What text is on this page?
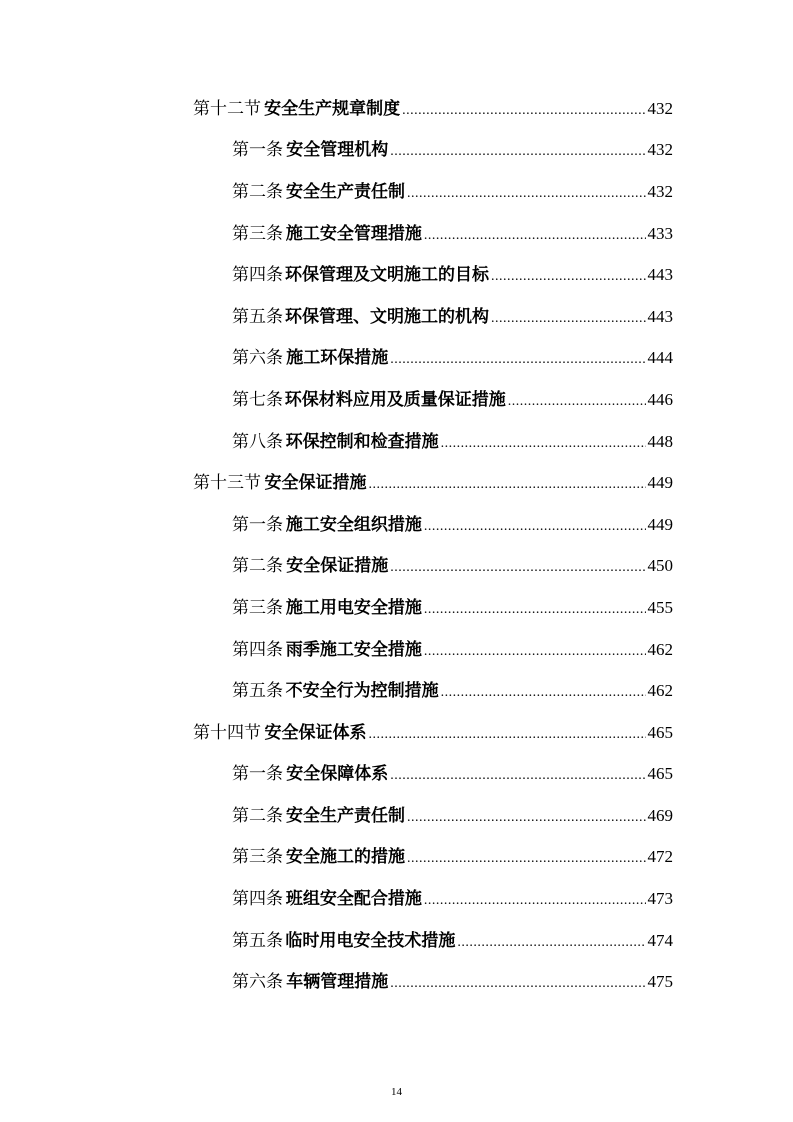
第十二节 安全生产规章制度 .....	432
第一条 安全管理机构 .....	432
第二条 安全生产责任制 .....	432
第三条 施工安全管理措施 .....	433
第四条 环保管理及文明施工的目标 .....	443
第五条 环保管理、文明施工的机构 .....	443
第六条 施工环保措施 .....	444
第七条 环保材料应用及质量保证措施 .....	446
第八条 环保控制和检查措施 .....	448
第十三节 安全保证措施 .....	449
第一条 施工安全组织措施 .....	449
第二条 安全保证措施 .....	450
第三条 施工用电安全措施 .....	455
第四条 雨季施工安全措施 .....	462
第五条 不安全行为控制措施 .....	462
第十四节 安全保证体系 .....	465
第一条 安全保障体系 .....	465
第二条 安全生产责任制 .....	469
第三条 安全施工的措施 .....	472
第四条 班组安全配合措施 .....	473
第五条 临时用电安全技术措施 .....	474
第六条 车辆管理措施 .....	475
14
